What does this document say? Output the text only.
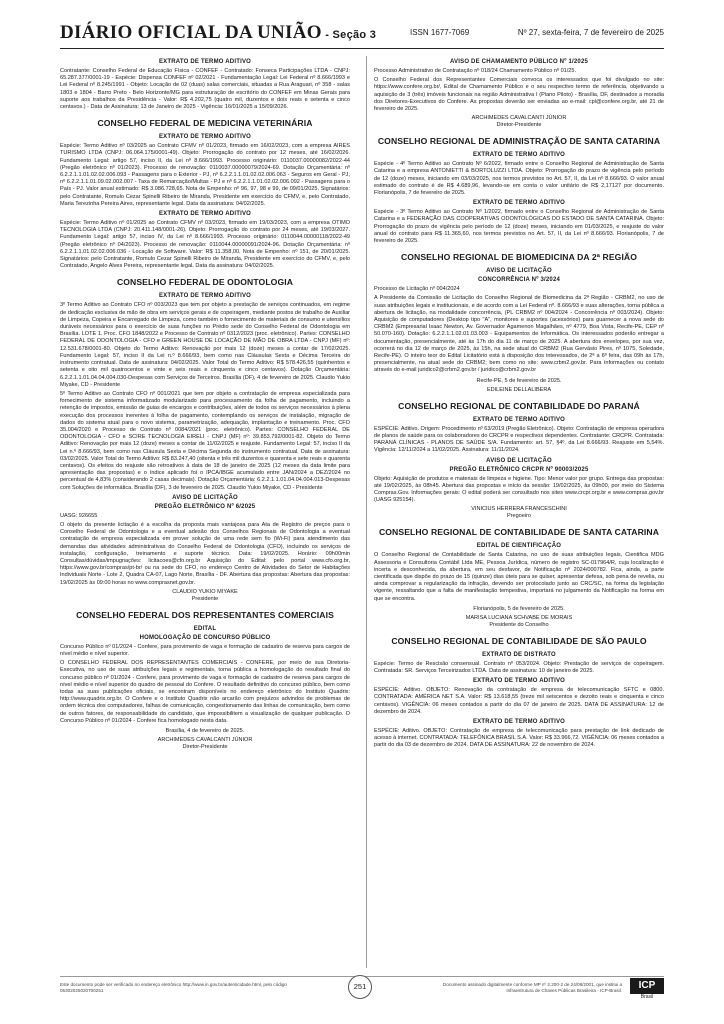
DIÁRIO OFICIAL DA UNIÃO - Seção 3	ISSN 1677-7069	Nº 27, sexta-feira, 7 de fevereiro de 2025
EXTRATO DE TERMO ADITIVO

Contratante: Conselho Federal de Educação Física - CONFEF - Contratado: Fonseca Participações LTDA - CNPJ: 65.287.377/0001-19 - Espécie: Dispensa CONFEF nº 02/2021 - Fundamentação Legal: Lei Federal nº 8.666/1993 e Lei Federal nº 8.245/1991 - Objeto: Locação de 02 (duas) salas comerciais, situadas a Rua Araguari, nº 358 - salas 1803 e 1804 - Barro Preto - Belo Horizonte/MG para estruturação de escritório do CONFEF em Minas Gerais para suporte aos trabalhos da Presidência - Valor: R$ 4.202,75 (quatro mil, duzentos e dois reais e setenta e cinco centavos.) - Data de Assinatura: 13 de Janeiro de 2025 - Vigência: 16/01/2025 a 15/09/2026.

CONSELHO FEDERAL DE MEDICINA VETERINÁRIA
EXTRATO DE TERMO ADITIVO

Espécie: Termo Aditivo nº 03/2025 ao Contrato CFMV nº 01/2023, firmado em 16/02/2023, com a empresa AIRES TURISMO LTDA (CNPJ: 06.064.175/0001-49). Objeto: Prorrogação do contrato por 12 meses, até 16/02/2026. Fundamento Legal: artigo 57, inciso II, da Lei nº 8.666/1993. Processo originário: 0110037.00000082/2022-44 (Pregão eletrônico nº 01/2023). Processo de renovação: 0110037.00000079/2024-69. Dotação Orçamentária: nº 6.2.2.1.1.01.02.02.006.093 - Passagens para o Exterior - PJ, nº 6.2.2.1.1.01.02.02.006.063 - Seguros em Geral - PJ, nº 6.2.2.1.1.01.09.02.002.007 - Taxa de Remarcação/Multas - PJ e nº 6.2.2.1.1.01.02.02.006.092 - Passagens para o País - PJ. Valor anual estimado: R$ 3.086.728,65. Nota de Empenho: nº 96, 97, 98 e 99, de 09/01/2025. Signatários: pelo Contratante, Romulo Cezar Spinelli Ribeiro de Miranda, Presidente em exercício do CFMV, e, pelo Contratado, Maria Terezinha Pereira Aires, representante legal. Data da assinatura: 04/02/2025.

EXTRATO DE TERMO ADITIVO

Espécie: Termo Aditivo nº 01/2025 ao Contrato CFMV nº 03/2023, firmado em 19/03/2023, com a empresa OTIMO TECNOLOGIA LTDA (CNPJ: 20.411.148/0001-26). Objeto: Prorrogação do contrato por 24 meses, até 19/03/2027. Fundamento Legal: artigo 57, inciso IV, da Lei nº 8.666/1993. Processo originário: 0110044.00000118/2022-49 (Pregão eletrônico nº 04/2023). Processo de renovação: 0110044.00000091/2024-96. Dotação Orçamentária: nº 6.2.2.1.1.01.02.02.006.036 - Locação de Software. Valor: R$ 11.358,00. Nota de Empenho: nº 151, de 20/01/2025. Signatários: pelo Contratante, Romulo Cezar Spinelli Ribeiro de Miranda, Presidente em exercício do CFMV, e, pelo Contratado, Angelo Alves Pereira, representante legal. Data da assinatura: 04/02/2025.

CONSELHO FEDERAL DE ODONTOLOGIA
EXTRATO DE TERMO ADITIVO

3º Termo Aditivo ao Contrato CFO nº 003/2023 que tem por objeto a prestação de serviços continuados, em regime de dedicação exclusiva de mão de obra em serviços gerais e de copeiragem, mediante postos de trabalho de Auxiliar de Limpeza, Copeira e Encarregado de Limpeza, como também o fornecimento de materiais de consumo e utensílios duráveis necessários para o exercício de suas funções no Prédio sede do Conselho Federal de Odontologia em Brasília. LOTE 1. Proc. CFO 1848/2022 e Processo de Contrato nº 0312/2023 (proc. eletrônico). Partes: CONSELHO FEDERAL DE ODONTOLOGIA - CFO e GREEN HOUSE DE LOCAÇÃO DE MÃO DE OBRA LTDA - CNPJ (MF) nº: 12.531.678/0001-80. Objeto do Termo Aditivo: Renovação por mais 12 (doze) meses a contar de 17/02/2025. Fundamento Legal: 57, inciso II da Lei n.º 8.666/93, bem como nas Cláusulas Sexta e Décima Terceira do instrumento contratual. Data de assinatura: 04/02/2025. Valor Total do Termo Aditivo: R$ 578.426,55 (quinhentos e setenta e oito mil quatrocentos e vinte e seis reais e cinquenta e cinco centavos). Dotação Orçamentária: 6.2.2.1.1.01.04.04.004.030-Despesas com Serviços de Terceiros. Brasília (DF), 4 de fevereiro de 2025. Claudio Yukio Miyake, CD - Presidente

5º Termo Aditivo ao Contrato CFO nº 001/2021 que tem por objeto a contratação de empresa especializada para fornecimento de sistema informatizado modularizado para processamento da folha de pagamento, incluindo a retenção de impostos, emissão de guias de encargos e contribuições, além de todos os serviços necessários à plena execução dos processos inerentes à folha de pagamento, contemplando os serviços de instalação, migração de dados do sistema atual para o novo sistema, parametrização, adequação, implantação e treinamento. Proc. CFO 35.004/2020 e Processo de Contrato nº 0084/2021 (proc. eletrônico). Partes: CONSELHO FEDERAL DE ODONTOLOGIA - CFO e SCIRE TECNOLOGIA EIRELI - CNPJ (MF) nº: 39.853.792/0001-82. Objeto do Termo Aditivo: Renovação por mais 12 (doze) meses a contar de 11/02/2025 e reajuste. Fundamento Legal: 57, inciso II da Lei n.º 8.666/93, bem como nas Cláusula Sexta e Décima Segunda do instrumento contratual. Data de assinatura: 03/02/2025. Valor Total do Termo Aditivo: R$ 83.247,40 (oitenta e três mil duzentos e quarenta e sete reais e quarenta centavos). Os efeitos do reajuste são retroativos à data de 18 de janeiro de 2025 (12 meses da data limite para apresentação das propostas) e o índice aplicado foi o IPCA/IBGE acumulado entre JAN/2024 a DEZ/2024 no percentual de 4,83% (considerando 2 casas decimais). Dotação Orçamentária: 6.2.2.1.1.01.04.04.004.013-Despesas com Soluções de informática. Brasília (DF), 3 de fevereiro de 2025. Claudio Yukio Miyake, CD - Presidente

AVISO DE LICITAÇÃO
PREGÃO ELETRÔNICO Nº 6/2025

UASG: 926655

O objeto da presente licitação é a escolha da proposta mais vantajosa para Ata de Registro de preços para o Conselho Federal de Odontologia e a eventual adesão dos Conselhos Regionais de Odontologia a eventual contratação de empresa especializada em prover solução de uma rede sem fio (Wi-Fi) para atendimento das demandas das atividades administrativas do Conselho Federal de Odontologia (CFO), incluindo os serviços de instalação, configuração, treinamento e suporte técnico. Data: 19/02/2025. Horário: 09h00min Consultas/dúvidas/impugnações: licitacoes@cfo.org.br Aquisição do Edital: pelo portal www.cfo.org.br, https://www.gov.br/compras/pt-br/ ou na sede do CFO, no endereço Centro de Atividades do Setor de Habitações Individuais Norte - Lote 2, Quadra CA-07, Lago Norte, Brasília - DF. Abertura das propostas: Abertura das propostas: 19/02/2025 às 09:00 horas no www.comprasnet.gov.br.

CLAUDIO YUKIO MIYAKE
Presidente
CONSELHO FEDERAL DOS REPRESENTANTES COMERCIAIS
EDITAL
HOMOLOGAÇÃO DE CONCURSO PÚBLICO

Concurso Público nº 01/2024 - Conferе, para provimento de vaga e formação de cadastro de reserva para cargos de nível médio e nível superior.

O CONSELHO FEDERAL DOS REPRESENTANTES COMERCIAIS - CONFERE, por meio de sua Diretoria-Executiva, no uso de suas atribuições legais e regimentais, torna pública a homologação do resultado final do concurso público nº 01/2024 - Confere, para provimento de vaga e formação de cadastro de reserva para cargos de nível médio e nível superior do quadro de pessoal do Confere. O resultado definitivo do concurso público, bem como todas as suas publicações oficiais, se encontram disponíveis no endereço eletrônico do Instituto Quadrix: http://www.quadrix.org.br. O Confere e o Instituto Quadrix não arcarão com prejuízos advindos de problemas de ordem técnica dos computadores, falhas de comunicação, congestionamento das linhas de comunicação, bem como de outros fatores, de responsabilidade do candidato, que impossibilitem a visualização de qualquer publicação. O Concurso Público nº 01/2024 - Confere fica homologado nesta data.

Brasília, 4 de fevereiro de 2025.
ARCHIMEDES CAVALCANTI JÚNIOR
Diretor-Presidente
AVISO DE CHAMAMENTO PÚBLICO Nº 1/2025

Processo Administrativo de Contratação nº 018/24 Chamamento Público nº 01/25.

O Conselho Federal dos Representantes Comerciais convoca os interessados que foi divulgado no site: https://www.confere.org.br/, Edital de Chamamento Público e o seu respectivo termo de referência, objetivando a aquisição de 3 (três) imóveis funcionais na região Administrativa I (Plano Piloto) - Brasília, DF, destinados a moradia dos Diretores-Executivos do Confere. As propostas deverão ser enviadas ao e-mail: cpl@confere.org.br, até 21 de fevereiro de 2025.

ARCHIMEDES CAVALCANTI JÚNIOR
Diretor-Presidente
CONSELHO REGIONAL DE ADMINISTRAÇÃO DE SANTA CATARINA
EXTRATO DE TERMO ADITIVO

Espécie - 4º Termo Aditivo ao Contrato Nº 6/2022, firmado entre o Conselho Regional de Administração de Santa Catarina e a empresa ANTONIETTI & BORTOLUZZI LTDA. Objeto: Prorrogação do prazo de vigência pelo período de 12 (doze) meses, iniciando em 03/03/2025, nos termos previstos no Art. 57, II, da Lei nº 8.666/93. O valor anual estimado do contrato é de R$ 4.689,96, levando-se em conta o valor unitário de R$ 2,17127 por documento. Florianópolis, 7 de fevereiro de 2025.

EXTRATO DE TERMO ADITIVO

Espécie - 3º Termo Aditivo ao Contrato Nº 1/2022, firmado entre o Conselho Regional de Administração de Santa Catarina e a FEDERAÇÃO DAS COOPERATIVAS ODONTOLÓGICAS DO ESTADO DE SANTA CATARINA. Objeto: Prorrogação do prazo de vigência pelo período de 12 (doze) meses, iniciando em 01/03/2025, e reajuste do valor anual do contrato para R$ 11.365,60, nos termos previstos no Art. 57, II, da Lei nº 8.666/93. Florianópolis, 7 de fevereiro de 2025.

CONSELHO REGIONAL DE BIOMEDICINA DA 2ª REGIÃO
AVISO DE LICITAÇÃO
CONCORRÊNCIA Nº 3/2024

Processo de Licitação nº 004/2024

A Presidente da Comissão de Licitação do Conselho Regional de Biomedicina da 2ª Região - CRBM2, no uso de suas atribuições legais e institucionais, e de acordo com a Lei Federal nº. 8.666/93 e suas alterações, torna pública a abertura de licitação, na modalidade concorrência, (PL CRBM2 nº 004/2024 - Concorrência nº 003/2024). Objeto: Aquisição de computadores (Desktop tipo "A", monitores e suportes (acessórios) para guarnecer a nova sede do CRBM2 (Empresarial Isaac Newton, Av. Governador Agamenon Magalhães, nº 4779, Boa Vista, Recife-PE, CEP nº 50.070-160). Dotação: 6.2.2.1.1.02.01.03.003 - Equipamentos de Informática. Os interessados poderão entregar a documentação, presencialmente, até às 17h do dia 11 de março de 2025. A abertura dos envelopes, por sua vez, ocorrerá no dia 12 de março de 2025, às 15h, na sede atual do CRBM2 (Rua Gervásio Pires, nº 1075, Soledade, Recife-PE). O inteiro teor do Edital Licitatório está à disposição dos interessados, de 2ª a 6ª feira, das 09h às 17h, presencialmente, na atual sede do CRBM2; bem como no site: www.crbm2.gov.br. Para informações ou contato através do e-mail juridico2@crbm2.gov.br / juridico@crbm2.gov.br

Recife-PE, 5 de fevereiro de 2025.
EDILEINE DELLALIBERA
CONSELHO REGIONAL DE CONTABILIDADE DO PARANÁ
EXTRATO DE TERMO ADITIVO

ESPÉCIE: Aditivo. Origem: Procedimento nº 63/2019 (Pregão Eletrônico). Objeto: Contratação de empresa operadora de planos de saúde para os colaboradores do CRCPR e respectivos dependentes. Contratante: CRCPR. Contratada: PARANÁ CLÍNICAS - PLANOS DE SAÚDE S/A. Fundamento: art. 57, §4º, da Lei 8.666/93. Reajuste em 5,54%. Vigência: 12/11/2024 a 11/02/2025. Assinatura: 11/11/2024.

AVISO DE LICITAÇÃO
PREGÃO ELETRÔNICO CRCPR Nº 90003/2025

Objeto: Aquisição de produtos e materiais de limpeza e higiene. Tipo: Menor valor por grupo. Entrega das propostas: até 19/02/2025, às 08h45. Abertura das propostas e início da sessão: 19/02/2025, às 09h00, por meio do Sistema Compras.Gov. Informações gerais: O edital poderá ser consultado nos sites www.crcpr.org.br e www.compras.gov.br (UASG 925154).

VINICIUS HERRERA FRANCESCHINI
Pregoeiro
CONSELHO REGIONAL DE CONTABILIDADE DE SANTA CATARINA
EDITAL DE CIENTIFICAÇÃO

O Conselho Regional de Contabilidade de Santa Catarina, no uso de suas atribuições legais, Cientifica MDG Assessoria e Consultoria Contábil Ltda ME, Pessoa Jurídica, número de registro SC-017964/R, cuja localização é incerta e desconhecida, da abertura, em seu desfavor, de Notificação nº 2024/000782. Fica, ainda, a parte cientificada que dispõe do prazo de 15 (quinze) dias úteis para se quiser, apresentar defesa, sob pena de revelia, ou ainda comprovar a regularização da infração, devendo ser protocolado junto ao CRC/SC, na forma da legislação vigente, ressaltando que a falta de manifestação tempestiva, importará no julgamento da Notificação na forma em que se encontra.

Florianópolis, 5 de fevereiro de 2025.
MARISA LUCIANA SCHVABE DE MORAIS
Presidente do Conselho
CONSELHO REGIONAL DE CONTABILIDADE DE SÃO PAULO
EXTRATO DE DISTRATO

Espécie: Termo de Rescisão consensual. Contrato nº 053/2024. Objeto: Prestação de serviços de copeiragem. Contratada: SR. Serviços Terceirizados LTDA. Data de assinatura: 10 de janeiro de 2025.

EXTRATO DE TERMO ADITIVO

ESPÉCIE: Aditivo. OBJETO: Renovação da contratação de empresa de telecomunicação SFTC e 0800. CONTRATADA: AMÉRICA NET S.A. Valor: R$ 13.618,55 (treze mil seiscentos e dezoito reais e cinquenta e cinco centavos). VIGÊNCIA: 06 meses contados a partir do dia 07 de janeiro de 2025. DATA DE ASSINATURA: 12 de dezembro de 2024.

EXTRATO DE TERMO ADITIVO

ESPÉCIE: Aditivo. OBJETO: Contratação de empresa de telecomunicação para prestação de link dedicado de acesso à internet. CONTRATADA: TELEFÔNICA BRASIL S.A. Valor: R$ 33.966,72. VIGÊNCIA: 06 meses contados a partir do dia 03 de dezembro de 2024. DATA DE ASSINATURA: 22 de novembro de 2024.

Este documento pode ser verificado no endereço eletrônico http://www.in.gov.br/autenticidade.html, pelo código 05302025020700251	251	Documento assinado digitalmente conforme MP nº 2.200-2 de 24/08/2001, que institui a Infraestrutura de Chaves Públicas Brasileira - ICP-Brasil.	ICP
Brasil
